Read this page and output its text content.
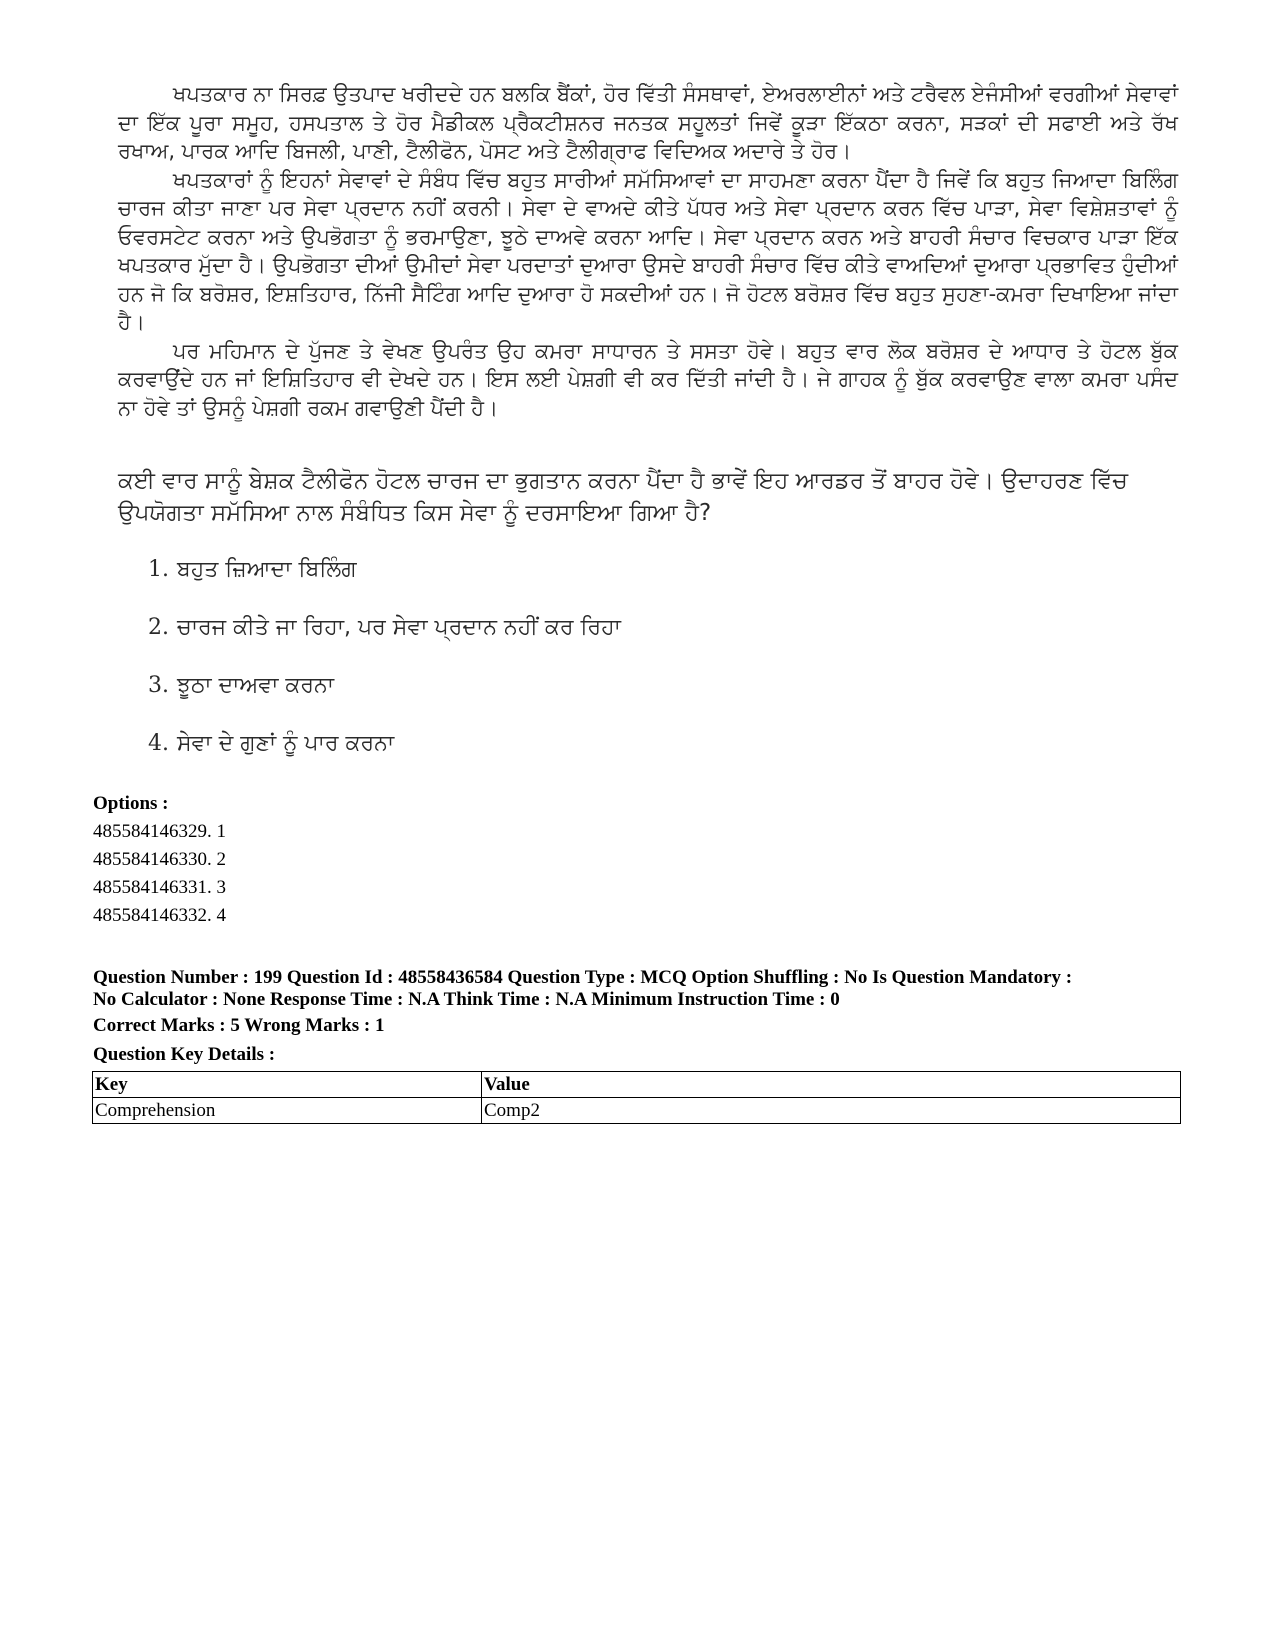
ਖਪਤਕਾਰ ਨਾ ਸਿਰਫ਼ ਉਤਪਾਦ ਖਰੀਦਦੇ ਹਨ ਬਲਕਿ ਬੈਂਕਾਂ, ਹੋਰ ਵਿੱਤੀ ਸੰਸਥਾਵਾਂ, ਏਅਰਲਾਈਨਾਂ ਅਤੇ ਟਰੈਵਲ ਏਜੰਸੀਆਂ ਵਰਗੀਆਂ ਸੇਵਾਵਾਂ ਦਾ ਇੱਕ ਪੂਰਾ ਸਮੂਹ, ਹਸਪਤਾਲ ਤੇ ਹੋਰ ਮੈਡੀਕਲ ਪ੍ਰੈਕਟੀਸ਼ਨਰ ਜਨਤਕ ਸਹੂਲਤਾਂ ਜਿਵੇਂ ਕੂੜਾ ਇੱਕਠਾ ਕਰਨਾ, ਸੜਕਾਂ ਦੀ ਸਫਾਈ ਅਤੇ ਰੱਖ ਰਖਾਅ, ਪਾਰਕ ਆਦਿ ਬਿਜਲੀ, ਪਾਣੀ, ਟੈਲੀਫੋਨ, ਪੋਸਟ ਅਤੇ ਟੈਲੀਗ੍ਰਾਫ ਵਿਦਿਅਕ ਅਦਾਰੇ ਤੇ ਹੋਰ।

ਖਪਤਕਾਰਾਂ ਨੂੰ ਇਹਨਾਂ ਸੇਵਾਵਾਂ ਦੇ ਸੰਬੰਧ ਵਿੱਚ ਬਹੁਤ ਸਾਰੀਆਂ ਸਮੱਸਿਆਵਾਂ ਦਾ ਸਾਹਮਣਾ ਕਰਨਾ ਪੈਂਦਾ ਹੈ ਜਿਵੇਂ ਕਿ ਬਹੁਤ ਜਿਆਦਾ ਬਿਲਿੰਗ ਚਾਰਜ ਕੀਤਾ ਜਾਣਾ ਪਰ ਸੇਵਾ ਪ੍ਰਦਾਨ ਨਹੀਂ ਕਰਨੀ। ਸੇਵਾ ਦੇ ਵਾਅਦੇ ਕੀਤੇ ਪੱਧਰ ਅਤੇ ਸੇਵਾ ਪ੍ਰਦਾਨ ਕਰਨ ਵਿੱਚ ਪਾੜਾ, ਸੇਵਾ ਵਿਸ਼ੇਸ਼ਤਾਵਾਂ ਨੂੰ ਓਵਰਸਟੇਟ ਕਰਨਾ ਅਤੇ ਉਪਭੋਗਤਾ ਨੂੰ ਭਰਮਾਉਣਾ, ਝੂਠੇ ਦਾਅਵੇ ਕਰਨਾ ਆਦਿ। ਸੇਵਾ ਪ੍ਰਦਾਨ ਕਰਨ ਅਤੇ ਬਾਹਰੀ ਸੰਚਾਰ ਵਿਚਕਾਰ ਪਾੜਾ ਇੱਕ ਖਪਤਕਾਰ ਮੁੱਦਾ ਹੈ। ਉਪਭੋਗਤਾ ਦੀਆਂ ਉਮੀਦਾਂ ਸੇਵਾ ਪਰਦਾਤਾਂ ਦੁਆਰਾ ਉਸਦੇ ਬਾਹਰੀ ਸੰਚਾਰ ਵਿੱਚ ਕੀਤੇ ਵਾਅਦਿਆਂ ਦੁਆਰਾ ਪ੍ਰਭਾਵਿਤ ਹੁੰਦੀਆਂ ਹਨ ਜੋ ਕਿ ਬਰੋਸ਼ਰ, ਇਸ਼ਤਿਹਾਰ, ਨਿੱਜੀ ਸੈਟਿੰਗ ਆਦਿ ਦੁਆਰਾ ਹੋ ਸਕਦੀਆਂ ਹਨ। ਜੋ ਹੋਟਲ ਬਰੋਸ਼ਰ ਵਿੱਚ ਬਹੁਤ ਸੁਹਣਾ-ਕਮਰਾ ਦਿਖਾਇਆ ਜਾਂਦਾ ਹੈ।

ਪਰ ਮਹਿਮਾਨ ਦੇ ਪੁੱਜਣ ਤੇ ਵੇਖਣ ਉਪਰੰਤ ਉਹ ਕਮਰਾ ਸਾਧਾਰਨ ਤੇ ਸਸਤਾ ਹੋਵੇ। ਬਹੁਤ ਵਾਰ ਲੋਕ ਬਰੋਸ਼ਰ ਦੇ ਆਧਾਰ ਤੇ ਹੋਟਲ ਬੁੱਕ ਕਰਵਾਉਂਦੇ ਹਨ ਜਾਂ ਇਸ਼ਿਤਿਹਾਰ ਵੀ ਦੇਖਦੇ ਹਨ। ਇਸ ਲਈ ਪੇਸ਼ਗੀ ਵੀ ਕਰ ਦਿੱਤੀ ਜਾਂਦੀ ਹੈ। ਜੇ ਗਾਹਕ ਨੂੰ ਬੁੱਕ ਕਰਵਾਉਣ ਵਾਲਾ ਕਮਰਾ ਪਸੰਦ ਨਾ ਹੋਵੇ ਤਾਂ ਉਸਨੂੰ ਪੇਸ਼ਗੀ ਰਕਮ ਗਵਾਉਣੀ ਪੈਂਦੀ ਹੈ।

ਕਈ ਵਾਰ ਸਾਨੂੰ ਬੇਸ਼ਕ ਟੈਲੀਫੋਨ ਹੋਟਲ ਚਾਰਜ ਦਾ ਭੁਗਤਾਨ ਕਰਨਾ ਪੈਂਦਾ ਹੈ ਭਾਵੇਂ ਇਹ ਆਰਡਰ ਤੋਂ ਬਾਹਰ ਹੋਵੇ। ਉਦਾਹਰਣ ਵਿੱਚ ਉਪਯੋਗਤਾ ਸਮੱਸਿਆ ਨਾਲ ਸੰਬੰਧਿਤ ਕਿਸ ਸੇਵਾ ਨੂੰ ਦਰਸਾਇਆ ਗਿਆ ਹੈ?
1. ਬਹੁਤ ਜ਼ਿਆਦਾ ਬਿਲਿੰਗ
2. ਚਾਰਜ ਕੀਤੇ ਜਾ ਰਿਹਾ, ਪਰ ਸੇਵਾ ਪ੍ਰਦਾਨ ਨਹੀਂ ਕਰ ਰਿਹਾ
3. ਝੂਠਾ ਦਾਅਵਾ ਕਰਨਾ
4. ਸੇਵਾ ਦੇ ਗੁਣਾਂ ਨੂੰ ਪਾਰ ਕਰਨਾ
Options :
485584146329. 1
485584146330. 2
485584146331. 3
485584146332. 4

Question Number : 199 Question Id : 48558436584 Question Type : MCQ Option Shuffling : No Is Question Mandatory :

No Calculator : None Response Time : N.A Think Time : N.A Minimum Instruction Time : 0

Correct Marks : 5 Wrong Marks : 1
Question Key Details :
Key	Value
Comprehension	Comp2
